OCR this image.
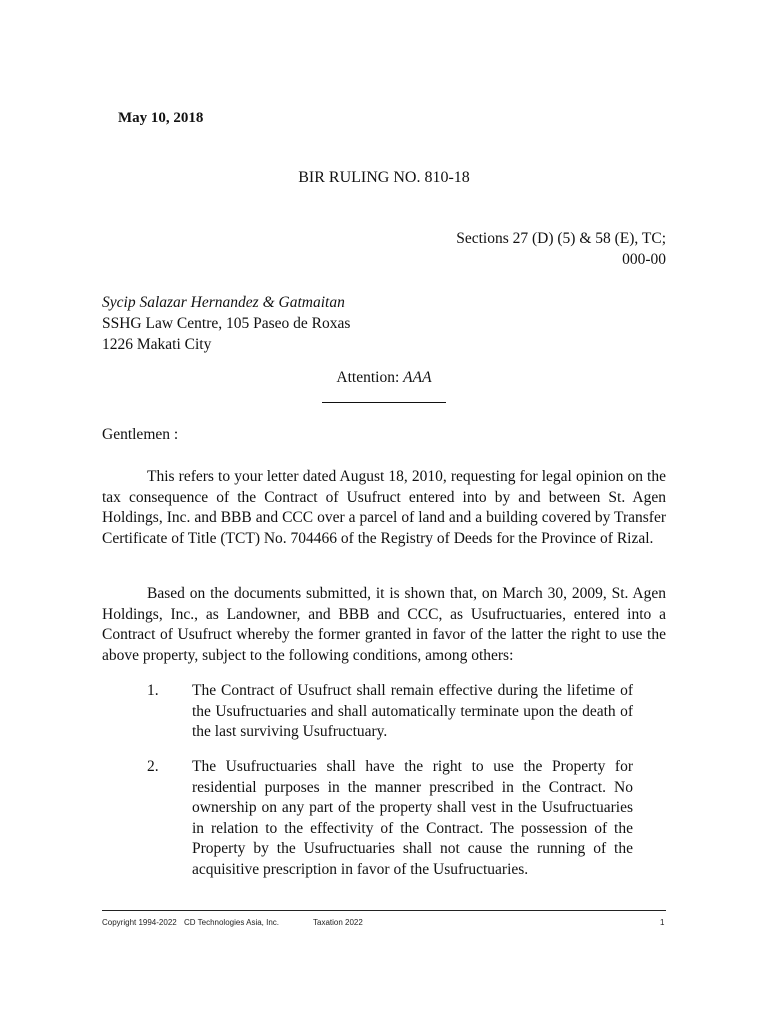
May 10, 2018
BIR RULING NO. 810-18
Sections 27 (D) (5) & 58 (E), TC;
000-00
Sycip Salazar Hernandez & Gatmaitan
SSHG Law Centre, 105 Paseo de Roxas
1226 Makati City
Attention: AAA
Gentlemen :

This refers to your letter dated August 18, 2010, requesting for legal opinion on the tax consequence of the Contract of Usufruct entered into by and between St. Agen Holdings, Inc. and BBB and CCC over a parcel of land and a building covered by Transfer Certificate of Title (TCT) No. 704466 of the Registry of Deeds for the Province of Rizal.

Based on the documents submitted, it is shown that, on March 30, 2009, St. Agen Holdings, Inc., as Landowner, and BBB and CCC, as Usufructuaries, entered into a Contract of Usufruct whereby the former granted in favor of the latter the right to use the above property, subject to the following conditions, among others:

1.	The Contract of Usufruct shall remain effective during the lifetime of the Usufructuaries and shall automatically terminate upon the death of the last surviving Usufructuary.
2.	The Usufructuaries shall have the right to use the Property for residential purposes in the manner prescribed in the Contract. No ownership on any part of the property shall vest in the Usufructuaries in relation to the effectivity of the Contract. The possession of the Property by the Usufructuaries shall not cause the running of the acquisitive prescription in favor of the Usufructuaries.
Copyright 1994-2022 CD Technologies Asia, Inc.	Taxation 2022	1
